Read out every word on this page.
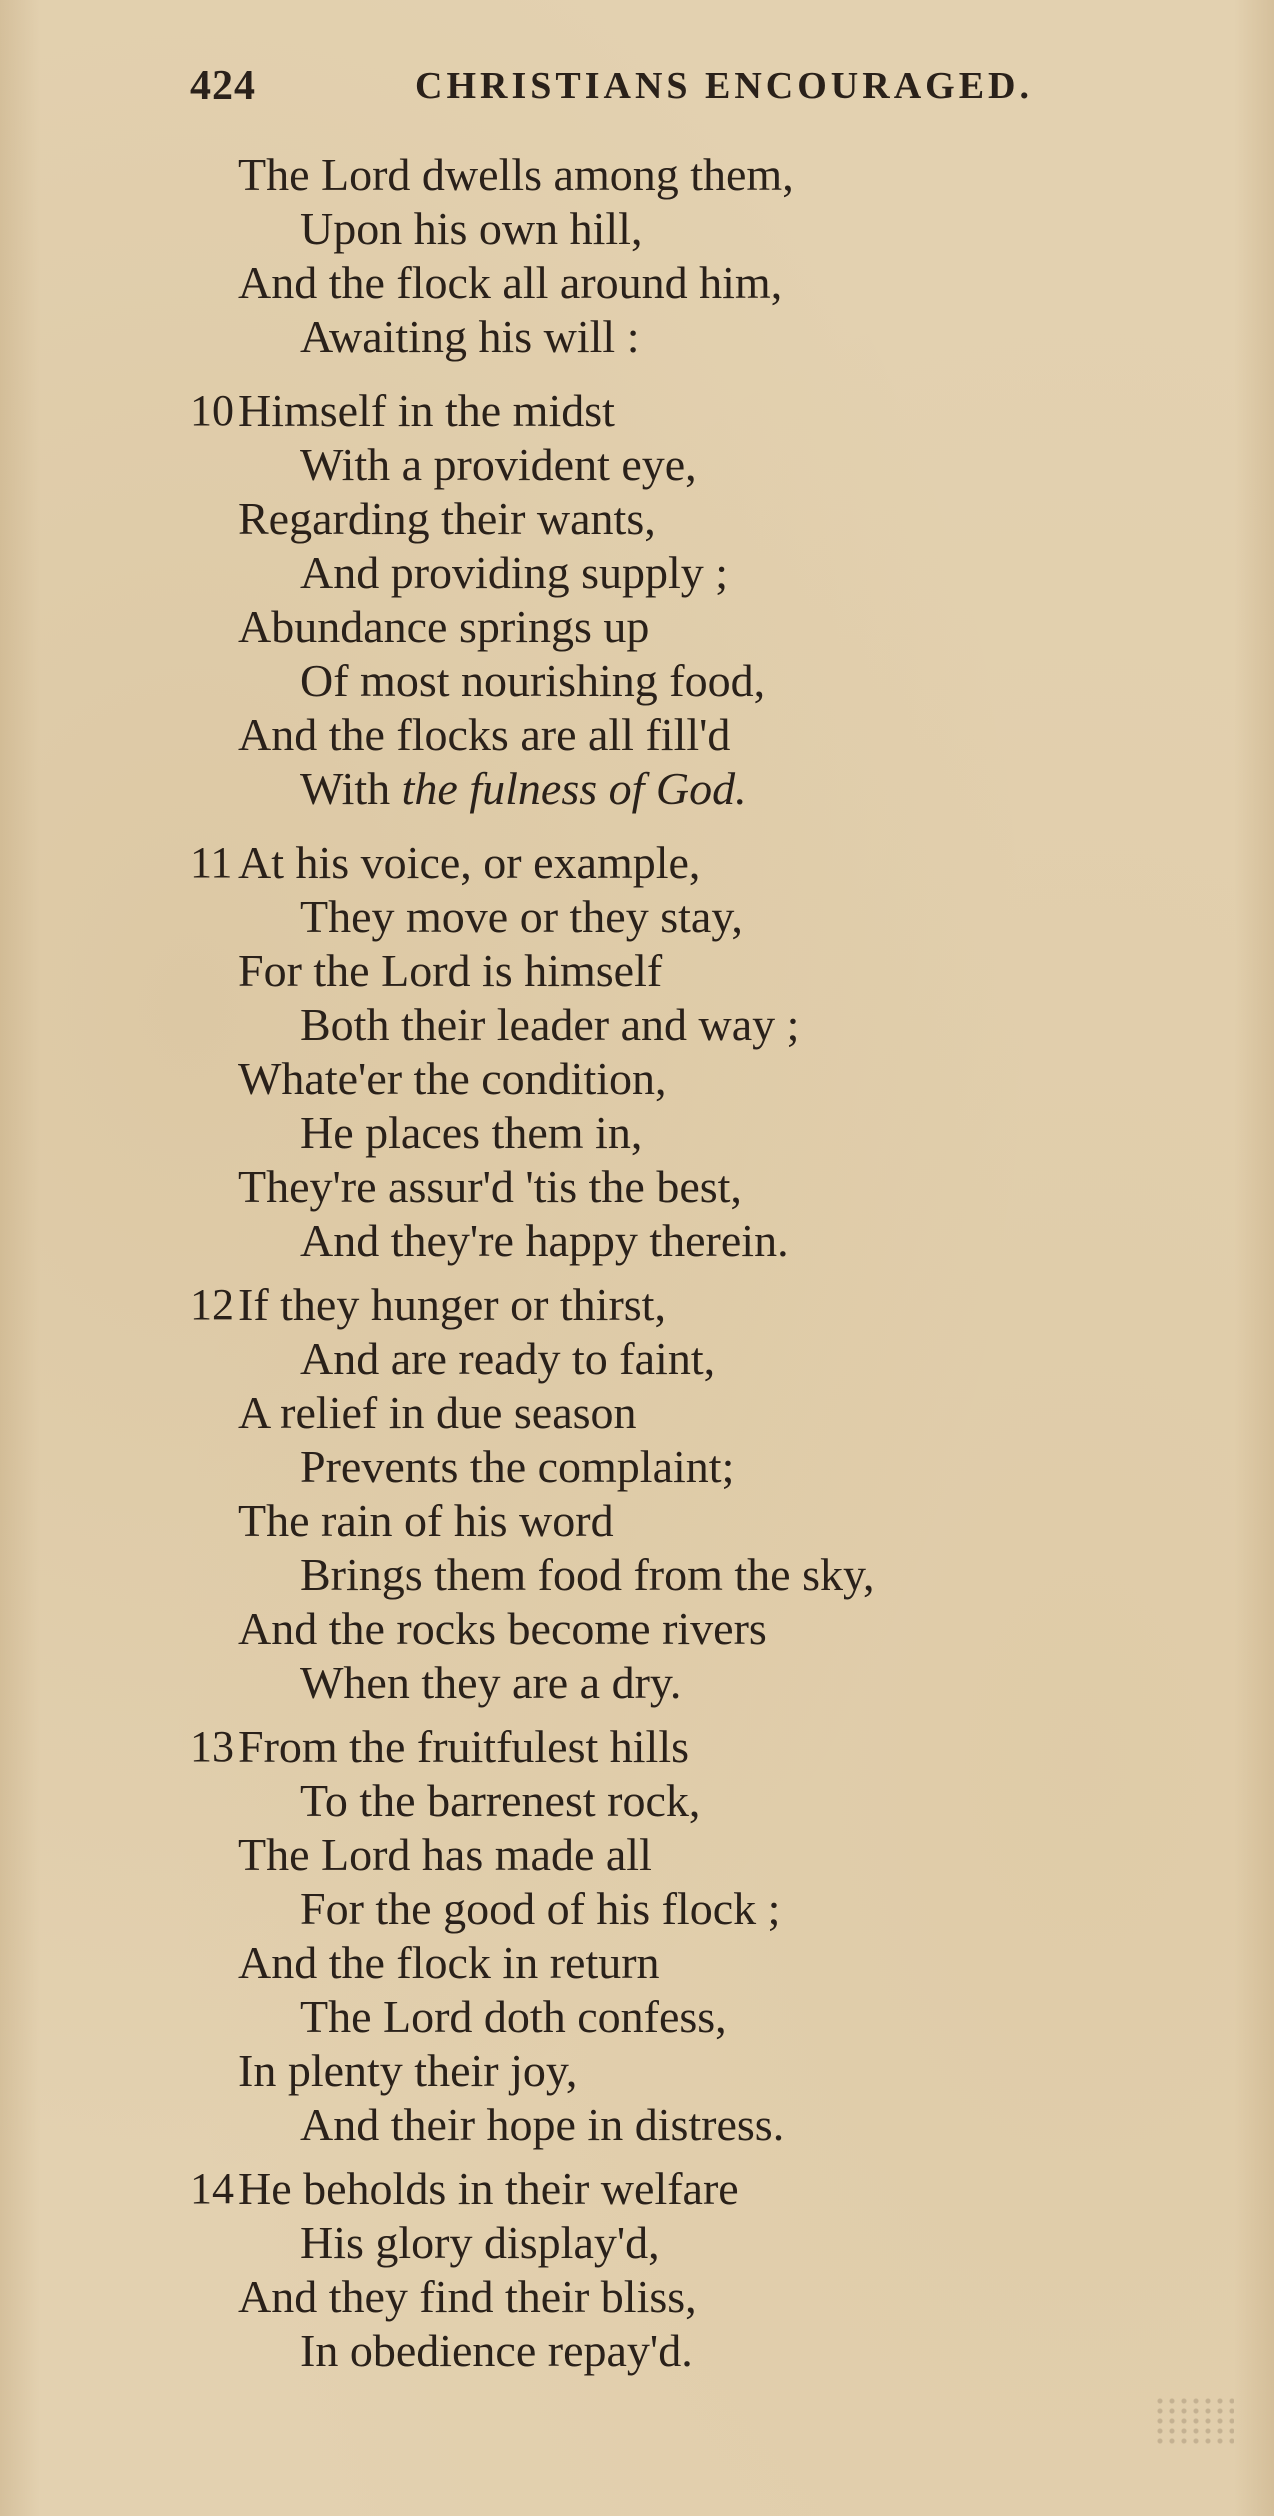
424	CHRISTIANS ENCOURAGED.
The Lord dwells among them,
Upon his own hill,
And the flock all around him,
Awaiting his will :
10 Himself in the midst
With a provident eye,
Regarding their wants,
And providing supply ;
Abundance springs up
Of most nourishing food,
And the flocks are all fill'd
With the fulness of God.
11 At his voice, or example,
They move or they stay,
For the Lord is himself
Both their leader and way ;
Whate'er the condition,
He places them in,
They're assur'd 'tis the best,
And they're happy therein.
12 If they hunger or thirst,
And are ready to faint,
A relief in due season
Prevents the complaint;
The rain of his word
Brings them food from the sky,
And the rocks become rivers
When they are a dry.
13 From the fruitfulest hills
To the barrenest rock,
The Lord has made all
For the good of his flock ;
And the flock in return
The Lord doth confess,
In plenty their joy,
And their hope in distress.
14 He beholds in their welfare
His glory display'd,
And they find their bliss,
In obedience repay'd.
